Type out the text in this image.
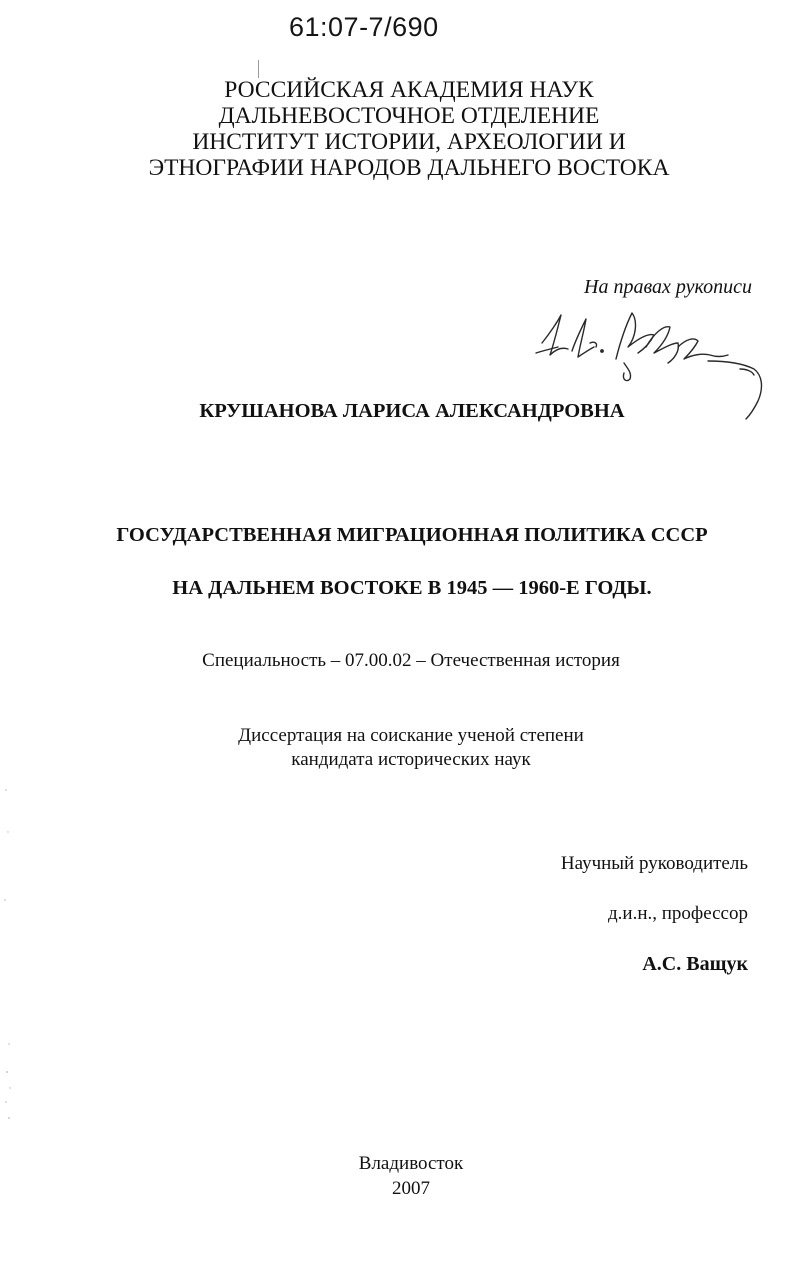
61:07-7/690
РОССИЙСКАЯ АКАДЕМИЯ НАУК
ДАЛЬНЕВОСТОЧНОЕ ОТДЕЛЕНИЕ
ИНСТИТУТ ИСТОРИИ, АРХЕОЛОГИИ И
ЭТНОГРАФИИ НАРОДОВ ДАЛЬНЕГО ВОСТОКА
На правах рукописи
КРУШАНОВА ЛАРИСА АЛЕКСАНДРОВНА
ГОСУДАРСТВЕННАЯ МИГРАЦИОННАЯ ПОЛИТИКА СССР
НА ДАЛЬНЕМ ВОСТОКЕ В 1945 — 1960-Е ГОДЫ.
Специальность – 07.00.02 – Отечественная история
Диссертация на соискание ученой степени
кандидата исторических наук
Научный руководитель
д.и.н., профессор
А.С. Ващук
Владивосток
2007
